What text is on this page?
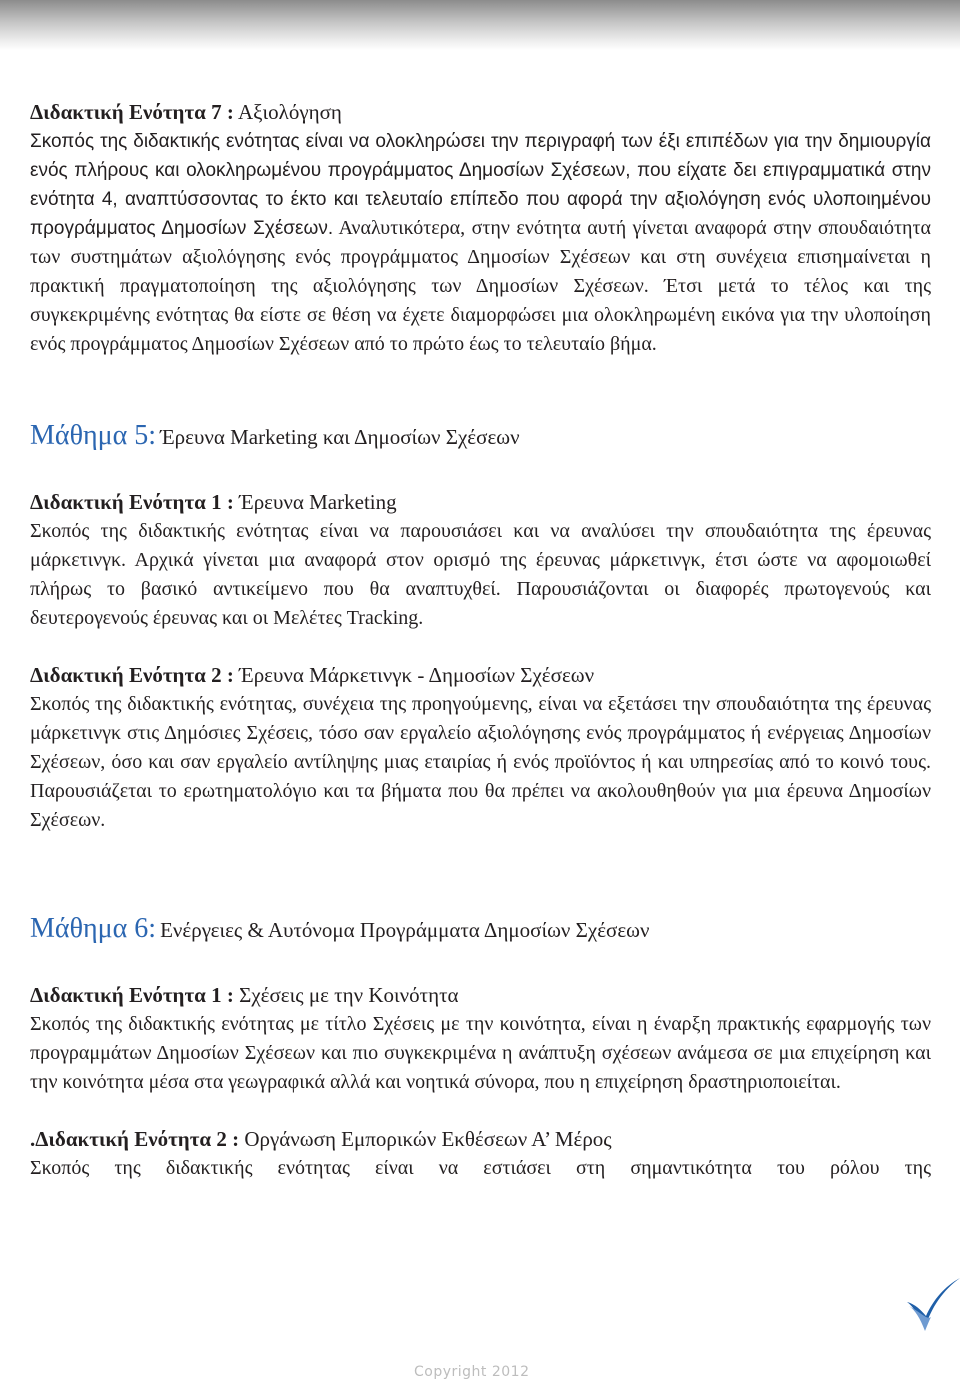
Διδακτική Ενότητα 7 : Αξιολόγηση

Σκοπός της διδακτικής ενότητας είναι να ολοκληρώσει την περιγραφή των έξι επιπέδων για την δημιουργία ενός πλήρους και ολοκληρωμένου προγράμματος Δημοσίων Σχέσεων, που είχατε δει επιγραμματικά στην ενότητα 4, αναπτύσσοντας το έκτο και τελευταίο επίπεδο που αφορά την αξιολόγηση ενός υλοποιημένου προγράμματος Δημοσίων Σχέσεων. Αναλυτικότερα, στην ενότητα αυτή γίνεται αναφορά στην σπουδαιότητα των συστημάτων αξιολόγησης ενός προγράμματος Δημοσίων Σχέσεων και στη συνέχεια επισημαίνεται η πρακτική πραγματοποίηση της αξιολόγησης των Δημοσίων Σχέσεων. Έτσι μετά το τέλος και της συγκεκριμένης ενότητας θα είστε σε θέση να έχετε διαμορφώσει μια ολοκληρωμένη εικόνα για την υλοποίηση ενός προγράμματος Δημοσίων Σχέσεων από το πρώτο έως το τελευταίο βήμα.

Μάθημα 5: Έρευνα Marketing και Δημοσίων Σχέσεων

Διδακτική Ενότητα 1 : Έρευνα Marketing

Σκοπός της διδακτικής ενότητας είναι να παρουσιάσει και να αναλύσει την σπουδαιότητα της έρευνας μάρκετινγκ. Αρχικά γίνεται μια αναφορά στον ορισμό της έρευνας μάρκετινγκ, έτσι ώστε να αφομοιωθεί πλήρως το βασικό αντικείμενο που θα αναπτυχθεί. Παρουσιάζονται οι διαφορές πρωτογενούς και δευτερογενούς έρευνας και οι Μελέτες Tracking.

Διδακτική Ενότητα 2 : Έρευνα Μάρκετινγκ - Δημοσίων Σχέσεων

Σκοπός της διδακτικής ενότητας, συνέχεια της προηγούμενης, είναι να εξετάσει την σπουδαιότητα της έρευνας μάρκετινγκ στις Δημόσιες Σχέσεις, τόσο σαν εργαλείο αξιολόγησης ενός προγράμματος ή ενέργειας Δημοσίων Σχέσεων, όσο και σαν εργαλείο αντίληψης μιας εταιρίας ή ενός προϊόντος ή και υπηρεσίας από το κοινό τους. Παρουσιάζεται το ερωτηματολόγιο και τα βήματα που θα πρέπει να ακολουθηθούν για μια έρευνα Δημοσίων Σχέσεων.

Μάθημα 6: Ενέργειες & Αυτόνομα Προγράμματα Δημοσίων Σχέσεων

Διδακτική Ενότητα 1 : Σχέσεις με την Κοινότητα

Σκοπός της διδακτικής ενότητας με τίτλο Σχέσεις με την κοινότητα, είναι η έναρξη πρακτικής εφαρμογής των προγραμμάτων Δημοσίων Σχέσεων και πιο συγκεκριμένα η ανάπτυξη σχέσεων ανάμεσα σε μια επιχείρηση και την κοινότητα μέσα στα γεωγραφικά αλλά και νοητικά σύνορα, που η επιχείρηση δραστηριοποιείται.

.Διδακτική Ενότητα 2 : Οργάνωση Εμπορικών Εκθέσεων Α’ Μέρος

Σκοπός της διδακτικής ενότητας είναι να εστιάσει στη σημαντικότητα του ρόλου της

Copyright 2012
